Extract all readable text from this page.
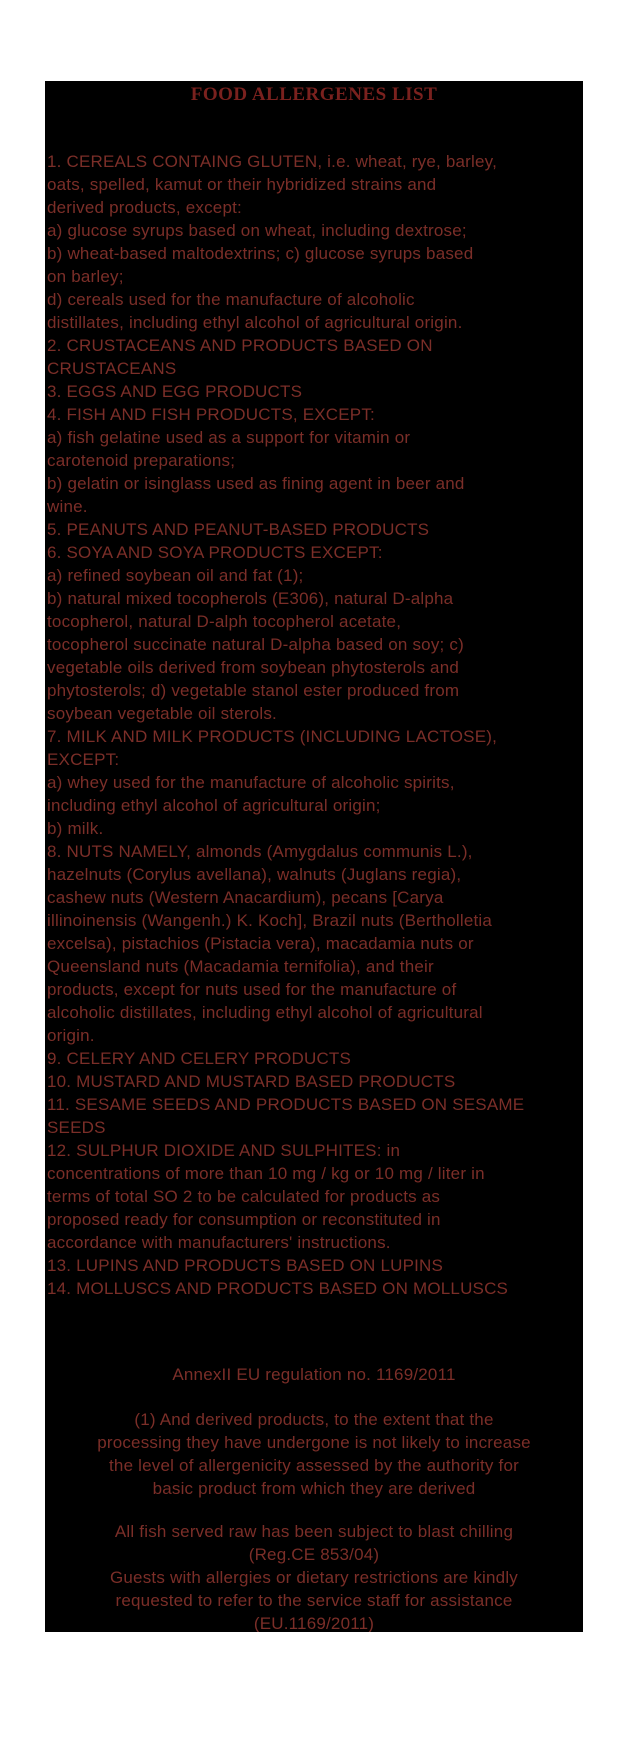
FOOD ALLERGENES LIST
1. CEREALS CONTAING GLUTEN, i.e. wheat, rye, barley,
oats, spelled, kamut or their hybridized strains and
derived products, except:
a) glucose syrups based on wheat, including dextrose;
b) wheat-based maltodextrins; c) glucose syrups based
on barley;
d) cereals used for the manufacture of alcoholic
distillates, including ethyl alcohol of agricultural origin.
2. CRUSTACEANS AND PRODUCTS BASED ON
CRUSTACEANS
3. EGGS AND EGG PRODUCTS
4. FISH AND FISH PRODUCTS, EXCEPT:
a) fish gelatine used as a support for vitamin or
carotenoid preparations;
b) gelatin or isinglass used as fining agent in beer and
wine.
5. PEANUTS AND PEANUT-BASED PRODUCTS
6. SOYA AND SOYA PRODUCTS EXCEPT:
a) refined soybean oil and fat (1);
b) natural mixed tocopherols (E306), natural D-alpha
tocopherol, natural D-alph tocopherol acetate,
tocopherol succinate natural D-alpha based on soy; c)
vegetable oils derived from soybean phytosterols and
phytosterols; d) vegetable stanol ester produced from
soybean vegetable oil sterols.
7. MILK AND MILK PRODUCTS (INCLUDING LACTOSE),
EXCEPT:
a) whey used for the manufacture of alcoholic spirits,
including ethyl alcohol of agricultural origin;
b) milk.
8. NUTS NAMELY, almonds (Amygdalus communis L.),
hazelnuts (Corylus avellana), walnuts (Juglans regia),
cashew nuts (Western Anacardium), pecans [Carya
illinoinensis (Wangenh.) K. Koch], Brazil nuts (Bertholletia
excelsa), pistachios (Pistacia vera), macadamia nuts or
Queensland nuts (Macadamia ternifolia), and their
products, except for nuts used for the manufacture of
alcoholic distillates, including ethyl alcohol of agricultural
origin.
9. CELERY AND CELERY PRODUCTS
10. MUSTARD AND MUSTARD BASED PRODUCTS
11. SESAME SEEDS AND PRODUCTS BASED ON SESAME
SEEDS
12. SULPHUR DIOXIDE AND SULPHITES: in
concentrations of more than 10 mg / kg or 10 mg / liter in
terms of total SO 2 to be calculated for products as
proposed ready for consumption or reconstituted in
accordance with manufacturers' instructions.
13. LUPINS AND PRODUCTS BASED ON LUPINS
14. MOLLUSCS AND PRODUCTS BASED ON MOLLUSCS
AnnexII EU regulation no. 1169/2011
(1) And derived products, to the extent that the
processing they have undergone is not likely to increase
the level of allergenicity assessed by the authority for
basic product from which they are derived
All fish served raw has been subject to blast chilling
(Reg.CE 853/04)
Guests with allergies or dietary restrictions are kindly
requested to refer to the service staff for assistance
(EU.1169/2011)
